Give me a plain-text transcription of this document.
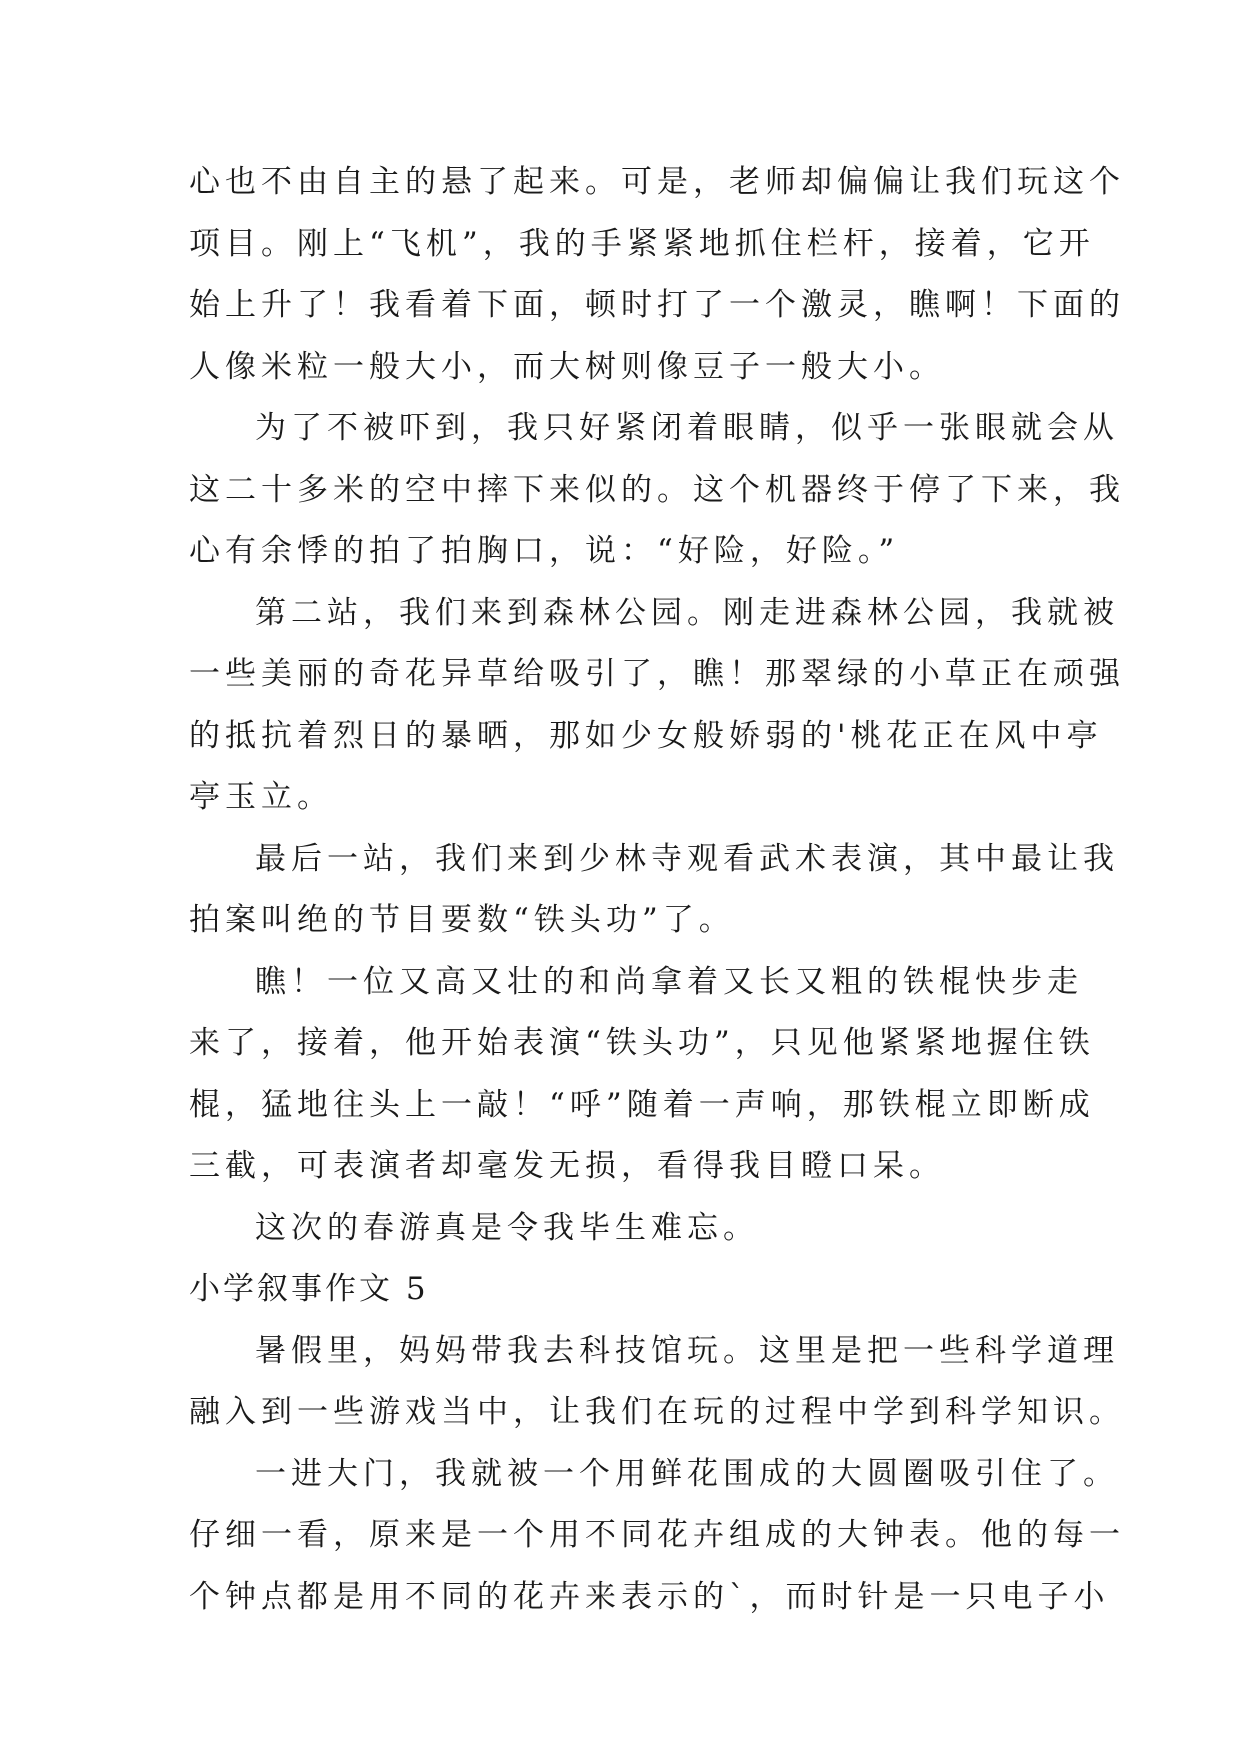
心也不由自主的悬了起来。可是，老师却偏偏让我们玩这个
项目。刚上“飞机”，我的手紧紧地抓住栏杆，接着，它开
始上升了！我看着下面，顿时打了一个激灵，瞧啊！下面的
人像米粒一般大小，而大树则像豆子一般大小。
为了不被吓到，我只好紧闭着眼睛，似乎一张眼就会从
这二十多米的空中摔下来似的。这个机器终于停了下来，我
心有余悸的拍了拍胸口，说：“好险，好险。”
第二站，我们来到森林公园。刚走进森林公园，我就被
一些美丽的奇花异草给吸引了，瞧！那翠绿的小草正在顽强
的抵抗着烈日的暴晒，那如少女般娇弱的'桃花正在风中亭
亭玉立。
最后一站，我们来到少林寺观看武术表演，其中最让我
拍案叫绝的节目要数“铁头功”了。
瞧！一位又高又壮的和尚拿着又长又粗的铁棍快步走
来了，接着，他开始表演“铁头功”，只见他紧紧地握住铁
棍，猛地往头上一敲！“呼”随着一声响，那铁棍立即断成
三截，可表演者却毫发无损，看得我目瞪口呆。
这次的春游真是令我毕生难忘。
小学叙事作文 5
暑假里，妈妈带我去科技馆玩。这里是把一些科学道理
融入到一些游戏当中，让我们在玩的过程中学到科学知识。
一进大门，我就被一个用鲜花围成的大圆圈吸引住了。
仔细一看，原来是一个用不同花卉组成的大钟表。他的每一
个钟点都是用不同的花卉来表示的`，而时针是一只电子小
